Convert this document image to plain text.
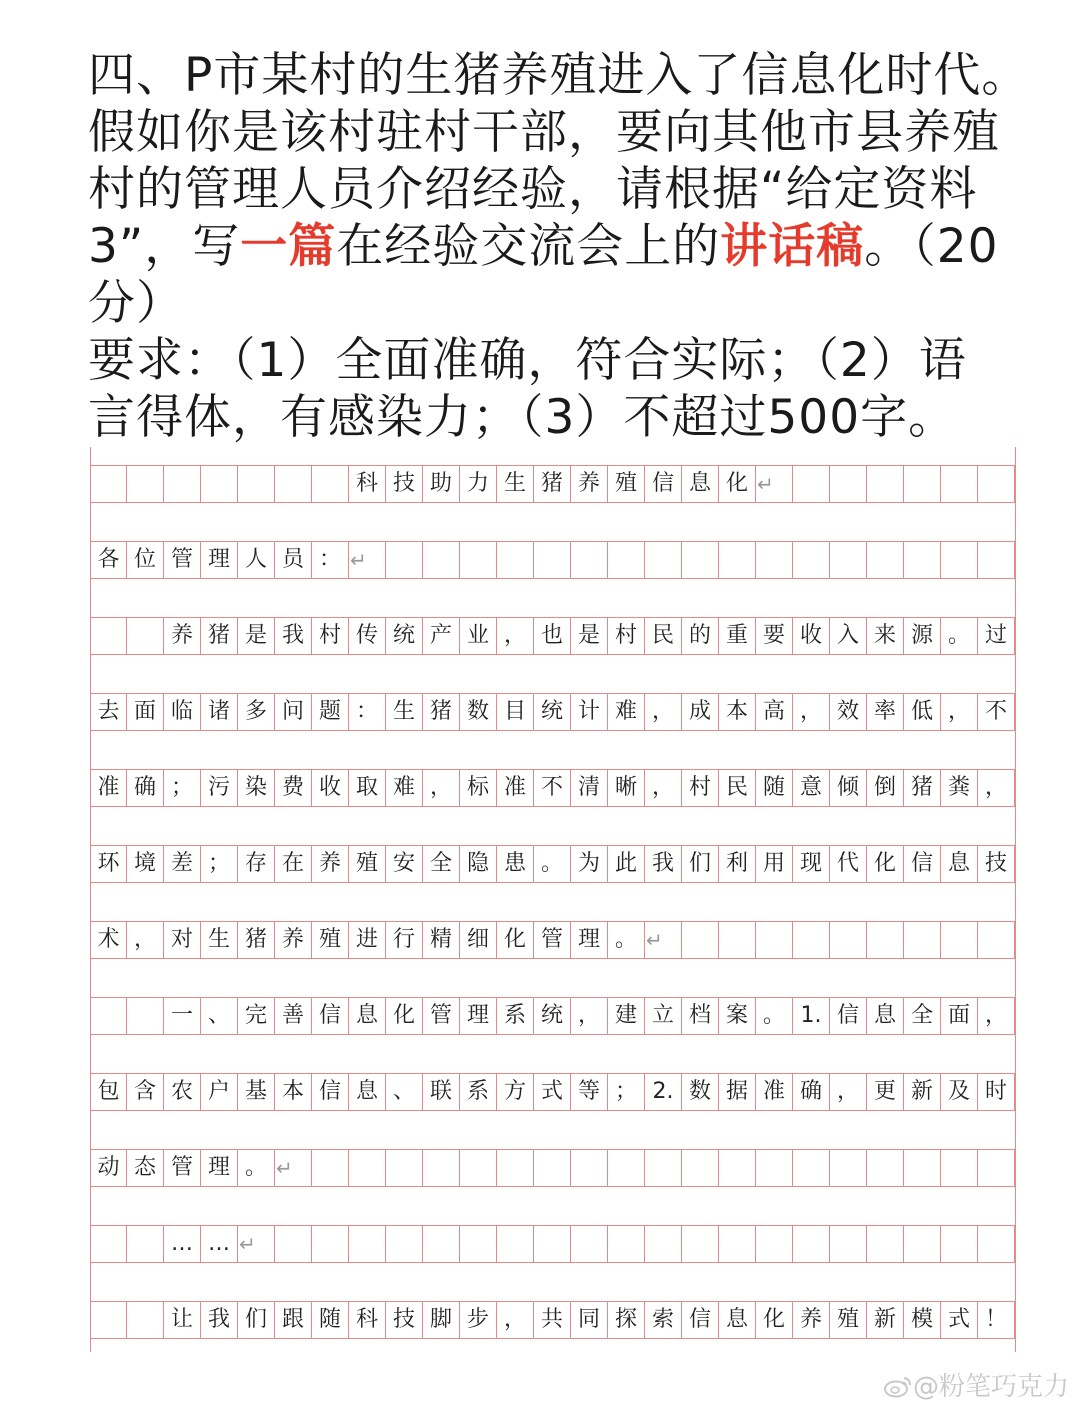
四、P市某村的生猪养殖进入了信息化时代。
假如你是该村驻村干部，要向其他市县养殖
村的管理人员介绍经验，请根据“给定资料
3”，写一篇在经验交流会上的讲话稿。（20
分）
要求：（1）全面准确，符合实际；（2）语
言得体，有感染力；（3）不超过500字。
科 技 助 力 生 猪 养 殖 信 息 化 ↵
各 位 管 理 人 员 ： ↵
养 猪 是 我 村 传 统 产 业 ， 也 是 村 民 的 重 要 收 入 来 源 。 过
去 面 临 诸 多 问 题 ： 生 猪 数 目 统 计 难 ， 成 本 高 ， 效 率 低 ， 不
准 确 ； 污 染 费 收 取 难 ， 标 准 不 清 晰 ， 村 民 随 意 倾 倒 猪 粪 ，
环 境 差 ； 存 在 养 殖 安 全 隐 患 。 为 此 我 们 利 用 现 代 化 信 息 技
术 ， 对 生 猪 养 殖 进 行 精 细 化 管 理 。 ↵
一 、 完 善 信 息 化 管 理 系 统 ， 建 立 档 案 。 1. 信 息 全 面 ，
包 含 农 户 基 本 信 息 、 联 系 方 式 等 ； 2. 数 据 准 确 ， 更 新 及 时
动 态 管 理 。 ↵
… … ↵
让 我 们 跟 随 科 技 脚 步 ， 共 同 探 索 信 息 化 养 殖 新 模 式 ！
@粉笔巧克力
